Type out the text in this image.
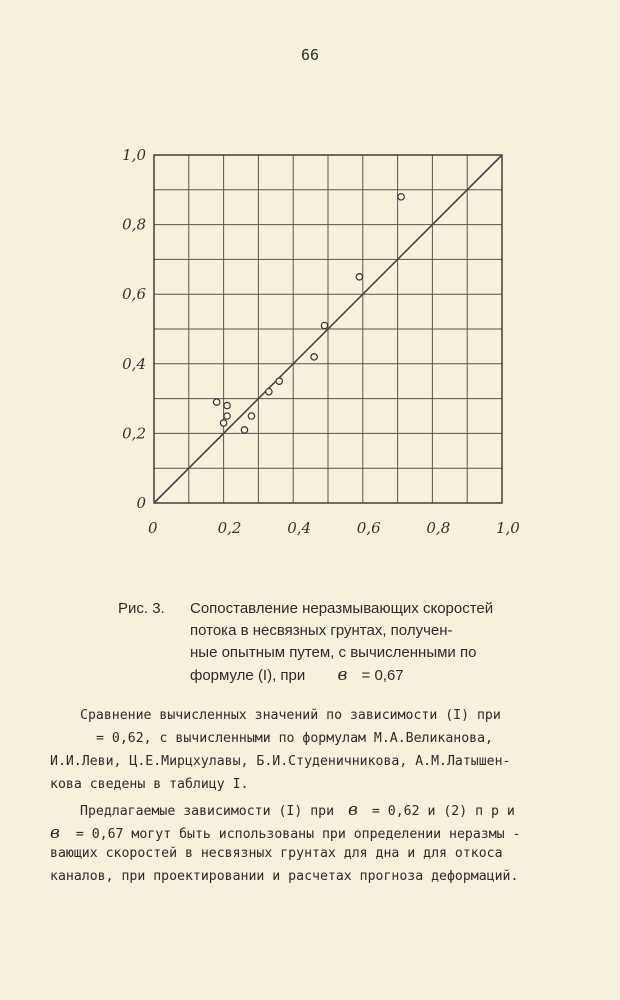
66
0
0
0,2
0,2
0,4
0,4
0,6
0,6
0,8
0,8
1,0
1,0
Рис. 3. Сопоставление неразмывающих скоростей
потока в несвязных грунтах, получен-
ные опытным путем, с вычисленными по
формуле (I), при в = 0,67
Сравнение вычисленных значений по зависимости (I) при
= 0,62, с вычисленными по формулам М.А.Великанова,
И.И.Леви, Ц.Е.Мирцхулавы, Б.И.Студеничникова, А.М.Латышен-
кова сведены в таблицу I.
Предлагаемые зависимости (I) при в = 0,62 и (2) п р и
в = 0,67 могут быть использованы при определении неразмы -
вающих скоростей в несвязных грунтах для дна и для откоса
каналов, при проектировании и расчетах прогноза деформаций.
